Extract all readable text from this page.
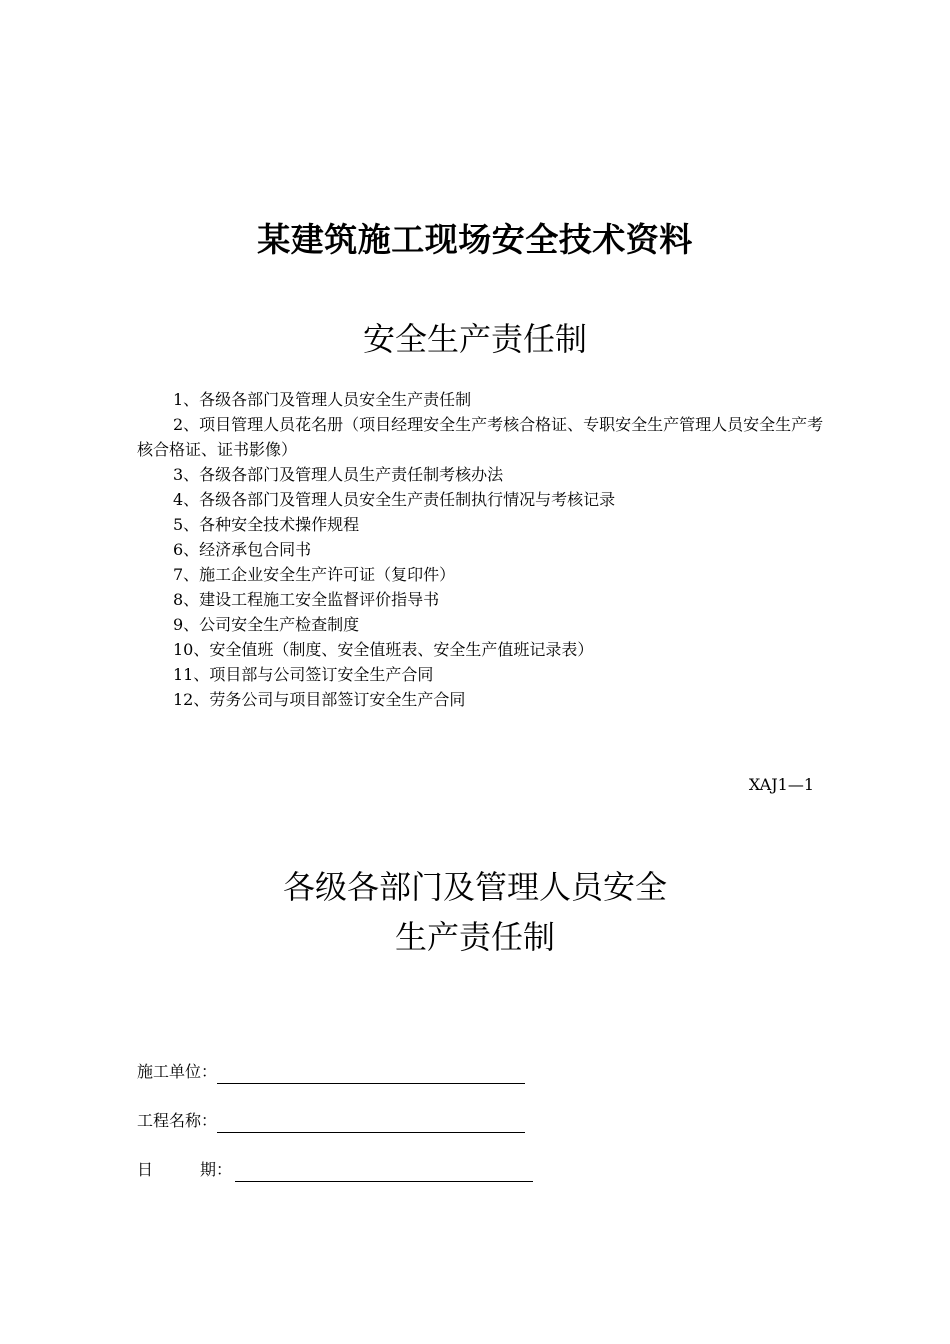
某建筑施工现场安全技术资料
安全生产责任制
1、各级各部门及管理人员安全生产责任制
2、项目管理人员花名册（项目经理安全生产考核合格证、专职安全生产管理人员安全生产考核合格证、证书影像）
3、各级各部门及管理人员生产责任制考核办法
4、各级各部门及管理人员安全生产责任制执行情况与考核记录
5、各种安全技术操作规程
6、经济承包合同书
7、施工企业安全生产许可证（复印件）
8、建设工程施工安全监督评价指导书
9、公司安全生产检查制度
10、安全值班（制度、安全值班表、安全生产值班记录表）
11、项目部与公司签订安全生产合同
12、劳务公司与项目部签订安全生产合同
XAJ1—1
各级各部门及管理人员安全
生产责任制
施工单位：
工程名称：
日	期：
